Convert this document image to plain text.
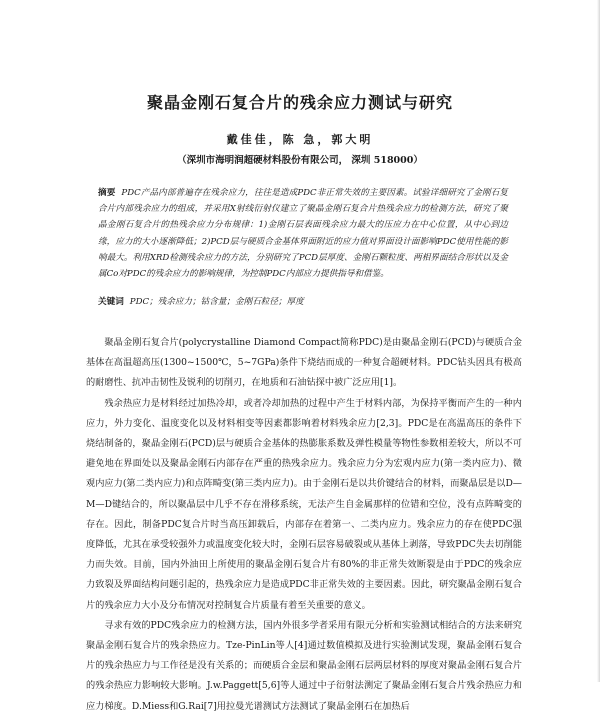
聚晶金刚石复合片的残余应力测试与研究
戴佳佳，陈 急，郭大明
（深圳市海明润超硬材料股份有限公司， 深圳 518000）

摘要 PDC产品内部普遍存在残余应力，往往是造成PDC非正常失效的主要因素。试验详细研究了金刚石复合片内部残余应力的组成，并采用X射线衍射仪建立了聚晶金刚石复合片热残余应力的检测方法，研究了聚晶金刚石复合片的热残余应力分布规律：1)金刚石层表面残余应力最大的压应力在中心位置，从中心到边缘，应力的大小逐渐降低；2)PCD层与硬质合金基体界面附近的应力值对界面设计面影响PDC使用性能的影响最大。利用XRD检测残余应力的方法，分别研究了PCD层厚度、金刚石颗粒度、两相界面结合形状以及金属Co对PDC的残余应力的影响规律，为控制PDC内部应力提供指导和借鉴。

关键词 PDC；残余应力；钴含量；金刚石粒径；厚度

聚晶金刚石复合片(polycrystalline Diamond Compact简称PDC)是由聚晶金刚石(PCD)与硬质合金基体在高温超高压(1300~1500℃，5~7GPa)条件下烧结而成的一种复合超硬材料。PDC钻头因具有极高的耐磨性、抗冲击韧性及锐利的切削刃，在地质和石油钻探中被广泛应用[1]。

残余热应力是材料经过加热冷却，或者冷却加热的过程中产生于材料内部，为保持平衡而产生的一种内应力，外力变化、温度变化以及材料相变等因素都影响着材料残余应力[2,3]。PDC是在高温高压的条件下烧结制备的，聚晶金刚石(PCD)层与硬质合金基体的热膨胀系数及弹性模量等物性参数相差较大，所以不可避免地在界面处以及聚晶金刚石内部存在严重的热残余应力。残余应力分为宏观内应力(第一类内应力)、微观内应力(第二类内应力)和点阵畸变(第三类内应力)。由于金刚石是以共价键结合的材料，而聚晶层是以D—M—D键结合的，所以聚晶层中几乎不存在滑移系统，无法产生自金属那样的位错和空位，没有点阵畸变的存在。因此，制备PDC复合片时当高压卸载后，内部存在着第一、二类内应力。残余应力的存在使PDC强度降低，尤其在承受较强外力或温度变化较大时，金刚石层容易破裂或从基体上剥落，导致PDC失去切削能力而失效。目前，国内外油田上所使用的聚晶金刚石复合片有80%的非正常失效断裂是由于PDC的残余应力致裂及界面结构问题引起的，热残余应力是造成PDC非正常失效的主要因素。因此，研究聚晶金刚石复合片的残余应力大小及分布情况对控制复合片质量有着至关重要的意义。

寻求有效的PDC残余应力的检测方法，国内外很多学者采用有限元分析和实验测试相结合的方法来研究聚晶金刚石复合片的残余热应力。Tze-PinLin等人[4]通过数值模拟及进行实验测试发现，聚晶金刚石复合片的残余热应力与工作径是没有关系的；而硬质合金层和聚晶金刚石层两层材料的厚度对聚晶金刚石复合片的残余热应力影响较大影响。J.w.Paggett[5,6]等人通过中子衍射法测定了聚晶金刚石复合片残余热应力和应力梯度。D.Miess和G.Rai[7]用拉曼光谱测试方法测试了聚晶金刚石在加热后
